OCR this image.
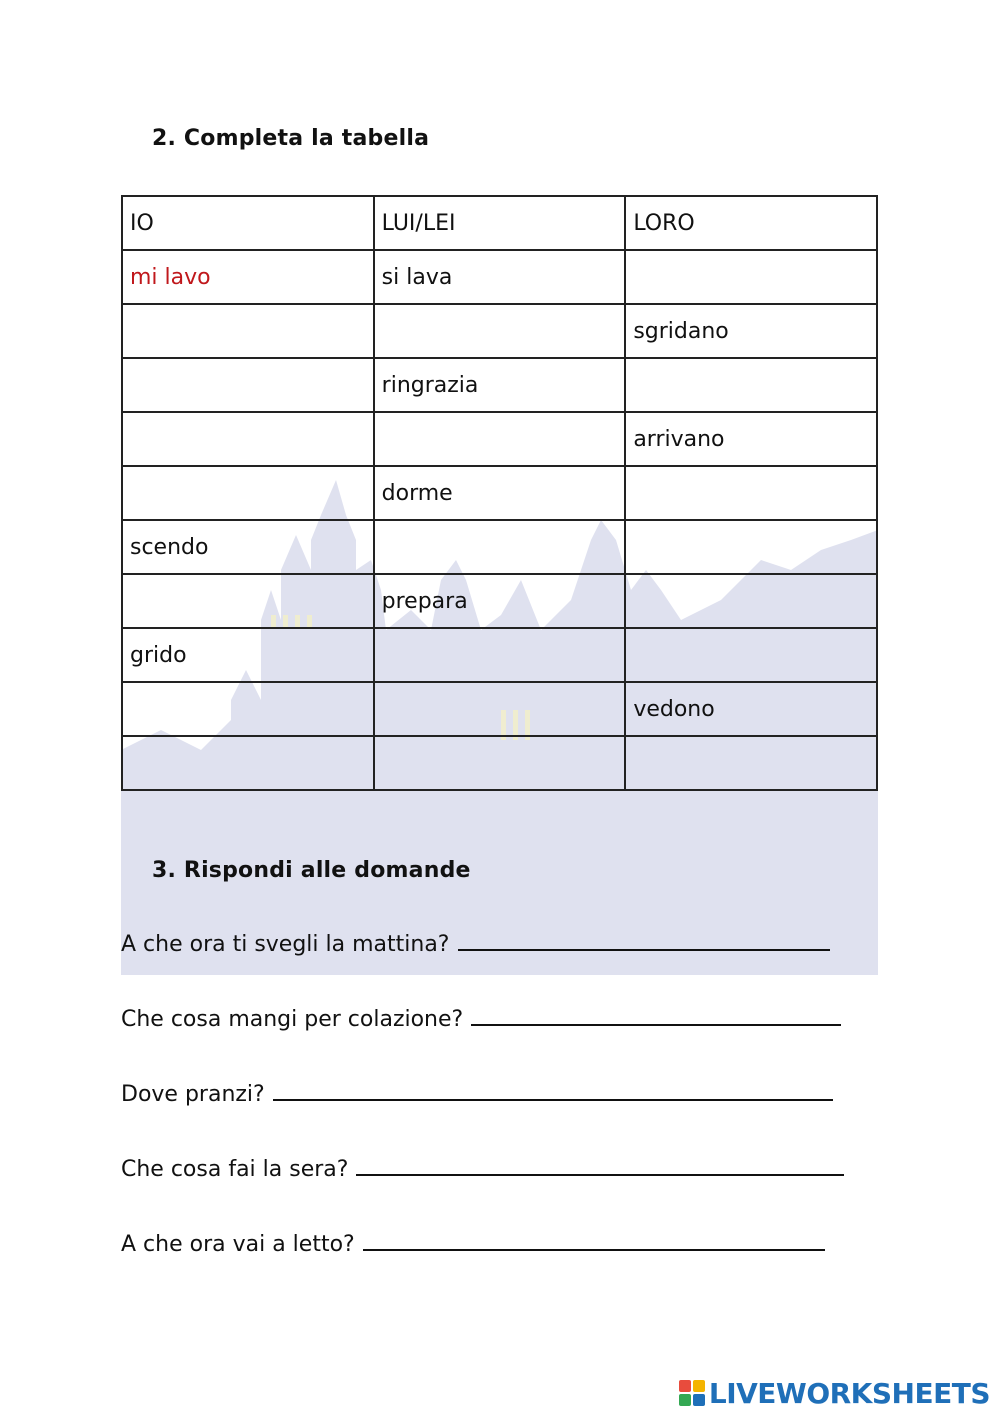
2. Completa la tabella
IO	LUI/LEI	LORO
mi lavo	si lava	
		sgridano
	ringrazia	
		arrivano
	dorme	
scendo		
	prepara	
grido		
		vedono

3. Rispondi alle domande
A che ora ti svegli la mattina?
Che cosa mangi per colazione?
Dove pranzi?
Che cosa fai la sera?
A che ora vai a letto?
LIVEWORKSHEETS
